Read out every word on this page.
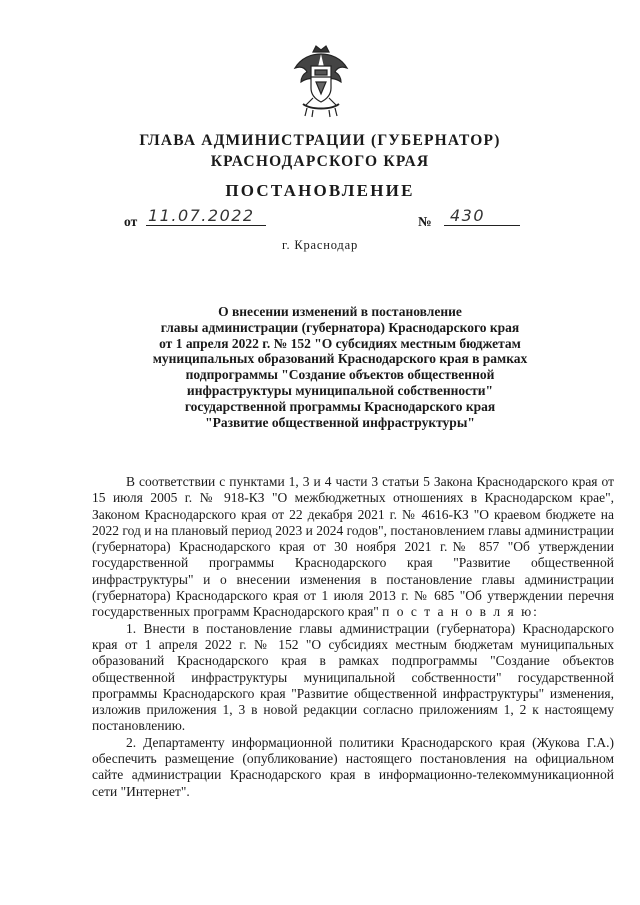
ГЛАВА АДМИНИСТРАЦИИ (ГУБЕРНАТОР)
КРАСНОДАРСКОГО КРАЯ
ПОСТАНОВЛЕНИЕ
от 11.07.2022	№	430
г. Краснодар
О внесении изменений в постановление
главы администрации (губернатора) Краснодарского края
от 1 апреля 2022 г. № 152 "О субсидиях местным бюджетам
муниципальных образований Краснодарского края в рамках
подпрограммы "Создание объектов общественной
инфраструктуры муниципальной собственности"
государственной программы Краснодарского края
"Развитие общественной инфраструктуры"

В соответствии с пунктами 1, 3 и 4 части 3 статьи 5 Закона Краснодарского края от 15 июля 2005 г. № 918-КЗ "О межбюджетных отношениях в Краснодарском крае", Законом Краснодарского края от 22 декабря 2021 г. № 4616-КЗ "О краевом бюджете на 2022 год и на плановый период 2023 и 2024 годов", постановлением главы администрации (губернатора) Краснодарского края от 30 ноября 2021 г.№ 857 "Об утверждении государственной программы Краснодарского края "Развитие общественной инфраструктуры" и о внесении изменения в постановление главы администрации (губернатора) Краснодарского края от 1 июля 2013 г. № 685 "Об утверждении перечня государственных программ Краснодарского края" п о с т а н о в л я ю:

1. Внести в постановление главы администрации (губернатора) Краснодарского края от 1 апреля 2022 г. № 152 "О субсидиях местным бюджетам муниципальных образований Краснодарского края в рамках подпрограммы "Создание объектов общественной инфраструктуры муниципальной собственности" государственной программы Краснодарского края "Развитие общественной инфраструктуры" изменения, изложив приложения 1, 3 в новой редакции согласно приложениям 1, 2 к настоящему постановлению.

2. Департаменту информационной политики Краснодарского края (Жукова Г.А.) обеспечить размещение (опубликование) настоящего постановления на официальном сайте администрации Краснодарского края в информационно-телекоммуникационной сети "Интернет".
